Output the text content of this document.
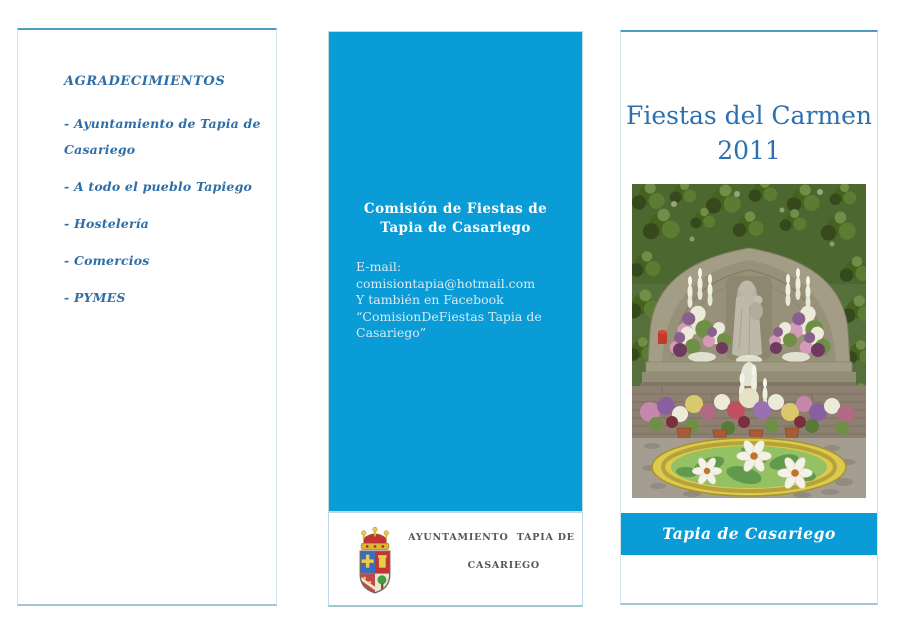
AGRADECIMIENTOS
- Ayuntamiento de Tapia de Casariego
- A todo el pueblo Tapiego
- Hostelería
- Comercios
- PYMES
Comisión de Fiestas de Tapia de Casariego
E-mail: comisiontapia@hotmail.com
Y también en Facebook
“ComisionDeFiestas Tapia de
Casariego”
AYUNTAMIENTO  TAPIA DE

CASARIEGO

Fiestas del Carmen
2011
Tapia de Casariego
